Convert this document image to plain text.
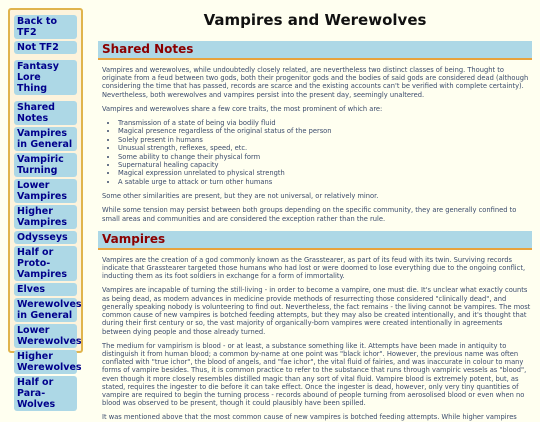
Back to TF2
Not TF2
Fantasy Lore Thing
Shared Notes
Vampires in General
Vampiric Turning
Lower Vampires
Higher Vampires
Odysseys
Half or Proto-Vampires
Elves
Werewolves in General
Lower Werewolves
Higher Werewolves
Half or Para-Wolves
Vampires and Werewolves
Shared Notes

Vampires and werewolves, while undoubtedly closely related, are nevertheless two distinct classes of being. Thought to originate from a feud between two gods, both their progenitor gods and the bodies of said gods are considered dead (although considering the time that has passed, records are scarce and the existing accounts can't be verified with complete certainty). Nevertheless, both werewolves and vampires persist into the present day, seemingly unaltered.

Vampires and werewolves share a few core traits, the most prominent of which are:

• Transmission of a state of being via bodily fluid
• Magical presence regardless of the original status of the person
• Solely present in humans
• Unusual strength, reflexes, speed, etc.
• Some ability to change their physical form
• Supernatural healing capacity
• Magical expression unrelated to physical strength
• A satable urge to attack or turn other humans

Some other similarities are present, but they are not universal, or relatively minor.

While some tension may persist between both groups depending on the specific community, they are generally confined to small areas and communities and are considered the exception rather than the rule.

Vampires

Vampires are the creation of a god commonly known as the Grasstearer, as part of its feud with its twin. Surviving records indicate that Grasstearer targeted those humans who had lost or were doomed to lose everything due to the ongoing conflict, inducting them as its foot soldiers in exchange for a form of immortality.

Vampires are incapable of turning the still-living - in order to become a vampire, one must die. It's unclear what exactly counts as being dead, as modern advances in medicine provide methods of resurrecting those considered "clinically dead", and generally speaking nobody is volunteering to find out. Nevertheless, the fact remains - the living cannot be vampires. The most common cause of new vampires is botched feeding attempts, but they may also be created intentionally, and it's thought that during their first century or so, the vast majority of organically-born vampires were created intentionally in agreements between dying people and those already turned.

The medium for vampirism is blood - or at least, a substance something like it. Attempts have been made in antiquity to distinguish it from human blood; a common by-name at one point was "black ichor". However, the previous name was often conflated with "true ichor", the blood of angels, and "fae ichor", the vital fluid of fairies, and was inaccurate in colour to many forms of vampire besides. Thus, it is common practice to refer to the substance that runs through vampiric vessels as "blood", even though it more closely resembles distilled magic than any sort of vital fluid. Vampire blood is extremely potent, but, as stated, requires the ingester to die before it can take effect. Once the ingester is dead, however, only very tiny quantities of vampire are required to begin the turning process - records abound of people turning from aerosolised blood or even when no blood was observed to be present, though it could plausibly have been spilled.

It was mentioned above that the most common cause of new vampires is botched feeding attempts. While higher vampires
